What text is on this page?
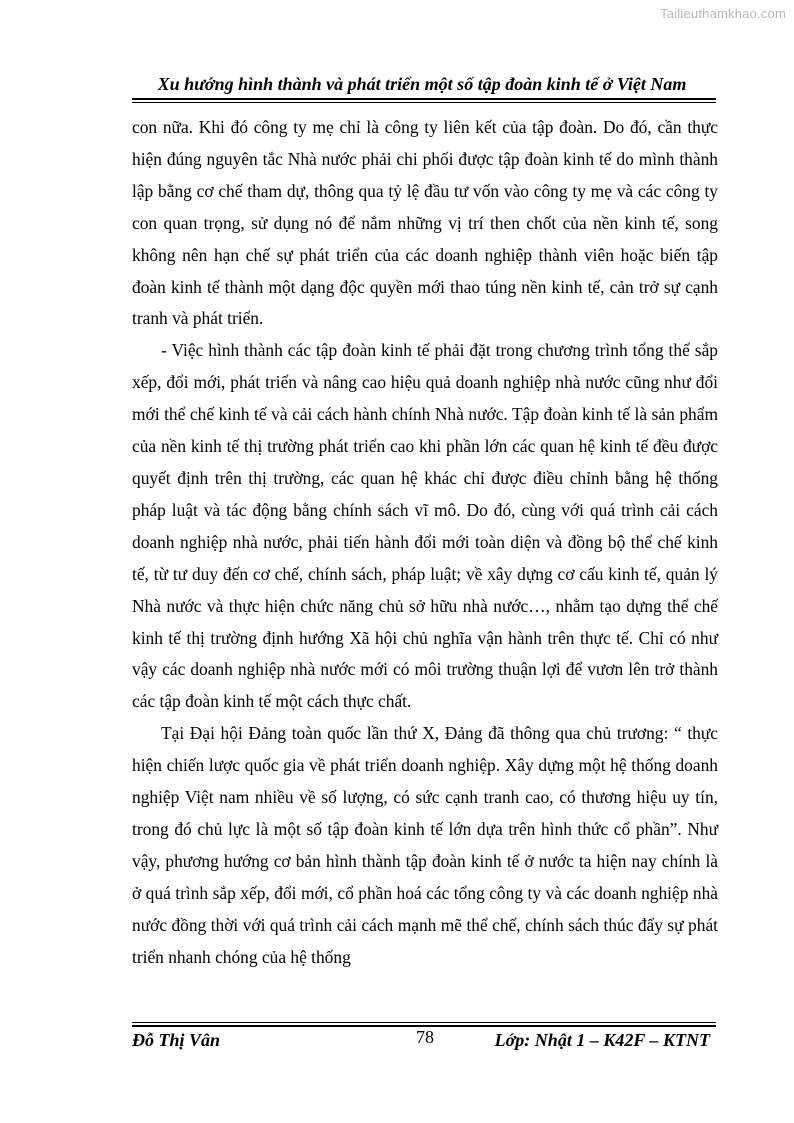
Tailieuthamkhao.com
Xu hướng hình thành và phát triển một số tập đoàn kinh tế ở Việt Nam

con nữa. Khi đó công ty mẹ chỉ là công ty liên kết của tập đoàn. Do đó, cần thực hiện đúng nguyên tắc Nhà nước phải chi phối được tập đoàn kinh tế do mình thành lập bằng cơ chế tham dự, thông qua tỷ lệ đầu tư vốn vào công ty mẹ và các công ty con quan trọng, sử dụng nó để nắm những vị trí then chốt của nền kinh tế, song không nên hạn chế sự phát triển của các doanh nghiệp thành viên hoặc biến tập đoàn kinh tế thành một dạng độc quyền mới thao túng nền kinh tế, cản trở sự cạnh tranh và phát triển.

- Việc hình thành các tập đoàn kinh tế phải đặt trong chương trình tổng thể sắp xếp, đổi mới, phát triển và nâng cao hiệu quả doanh nghiệp nhà nước cũng như đổi mới thể chế kinh tế và cải cách hành chính Nhà nước. Tập đoàn kinh tế là sản phẩm của nền kinh tế thị trường phát triển cao khi phần lớn các quan hệ kinh tế đều được quyết định trên thị trường, các quan hệ khác chỉ được điều chỉnh bằng hệ thống pháp luật và tác động bằng chính sách vĩ mô. Do đó, cùng với quá trình cải cách doanh nghiệp nhà nước, phải tiến hành đổi mới toàn diện và đồng bộ thể chế kinh tế, từ tư duy đến cơ chế, chính sách, pháp luật; về xây dựng cơ cấu kinh tế, quản lý Nhà nước và thực hiện chức năng chủ sở hữu nhà nước…, nhằm tạo dựng thể chế kinh tế thị trường định hướng Xã hội chủ nghĩa vận hành trên thực tế. Chỉ có như vậy các doanh nghiệp nhà nước mới có môi trường thuận lợi để vươn lên trở thành các tập đoàn kinh tế một cách thực chất.

Tại Đại hội Đảng toàn quốc lần thứ X, Đảng đã thông qua chủ trương: “ thực hiện chiến lược quốc gia về phát triển doanh nghiệp. Xây dựng một hệ thống doanh nghiệp Việt nam nhiều về số lượng, có sức cạnh tranh cao, có thương hiệu uy tín, trong đó chủ lực là một số tập đoàn kinh tế lớn dựa trên hình thức cổ phần”. Như vậy, phương hướng cơ bản hình thành tập đoàn kinh tế ở nước ta hiện nay chính là ở quá trình sắp xếp, đổi mới, cổ phần hoá các tổng công ty và các doanh nghiệp nhà nước đồng thời với quá trình cải cách mạnh mẽ thể chế, chính sách thúc đẩy sự phát triển nhanh chóng của hệ thống

Đỗ Thị Vân	78	Lớp: Nhật 1 – K42F – KTNT
